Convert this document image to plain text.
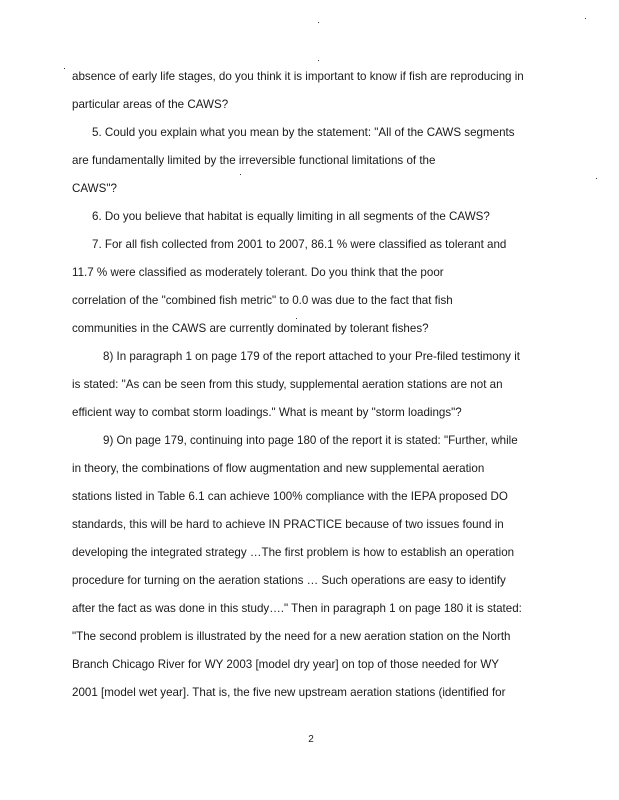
absence of early life stages, do you think it is important to know if fish are reproducing in
particular areas of the CAWS?
5. Could you explain what you mean by the statement: "All of the CAWS segments
are fundamentally limited by the irreversible functional limitations of the
CAWS"?
6. Do you believe that habitat is equally limiting in all segments of the CAWS?
7. For all fish collected from 2001 to 2007, 86.1 % were classified as tolerant and
11.7 % were classified as moderately tolerant. Do you think that the poor
correlation of the "combined fish metric" to 0.0 was due to the fact that fish
communities in the CAWS are currently dominated by tolerant fishes?
8) In paragraph 1 on page 179 of the report attached to your Pre-filed testimony it
is stated: "As can be seen from this study, supplemental aeration stations are not an
efficient way to combat storm loadings." What is meant by "storm loadings"?
9) On page 179, continuing into page 180 of the report it is stated: "Further, while
in theory, the combinations of flow augmentation and new supplemental aeration
stations listed in Table 6.1 can achieve 100% compliance with the IEPA proposed DO
standards, this will be hard to achieve IN PRACTICE because of two issues found in
developing the integrated strategy …The first problem is how to establish an operation
procedure for turning on the aeration stations … Such operations are easy to identify
after the fact as was done in this study…." Then in paragraph 1 on page 180 it is stated:
"The second problem is illustrated by the need for a new aeration station on the North
Branch Chicago River for WY 2003 [model dry year] on top of those needed for WY
2001 [model wet year]. That is, the five new upstream aeration stations (identified for
2
